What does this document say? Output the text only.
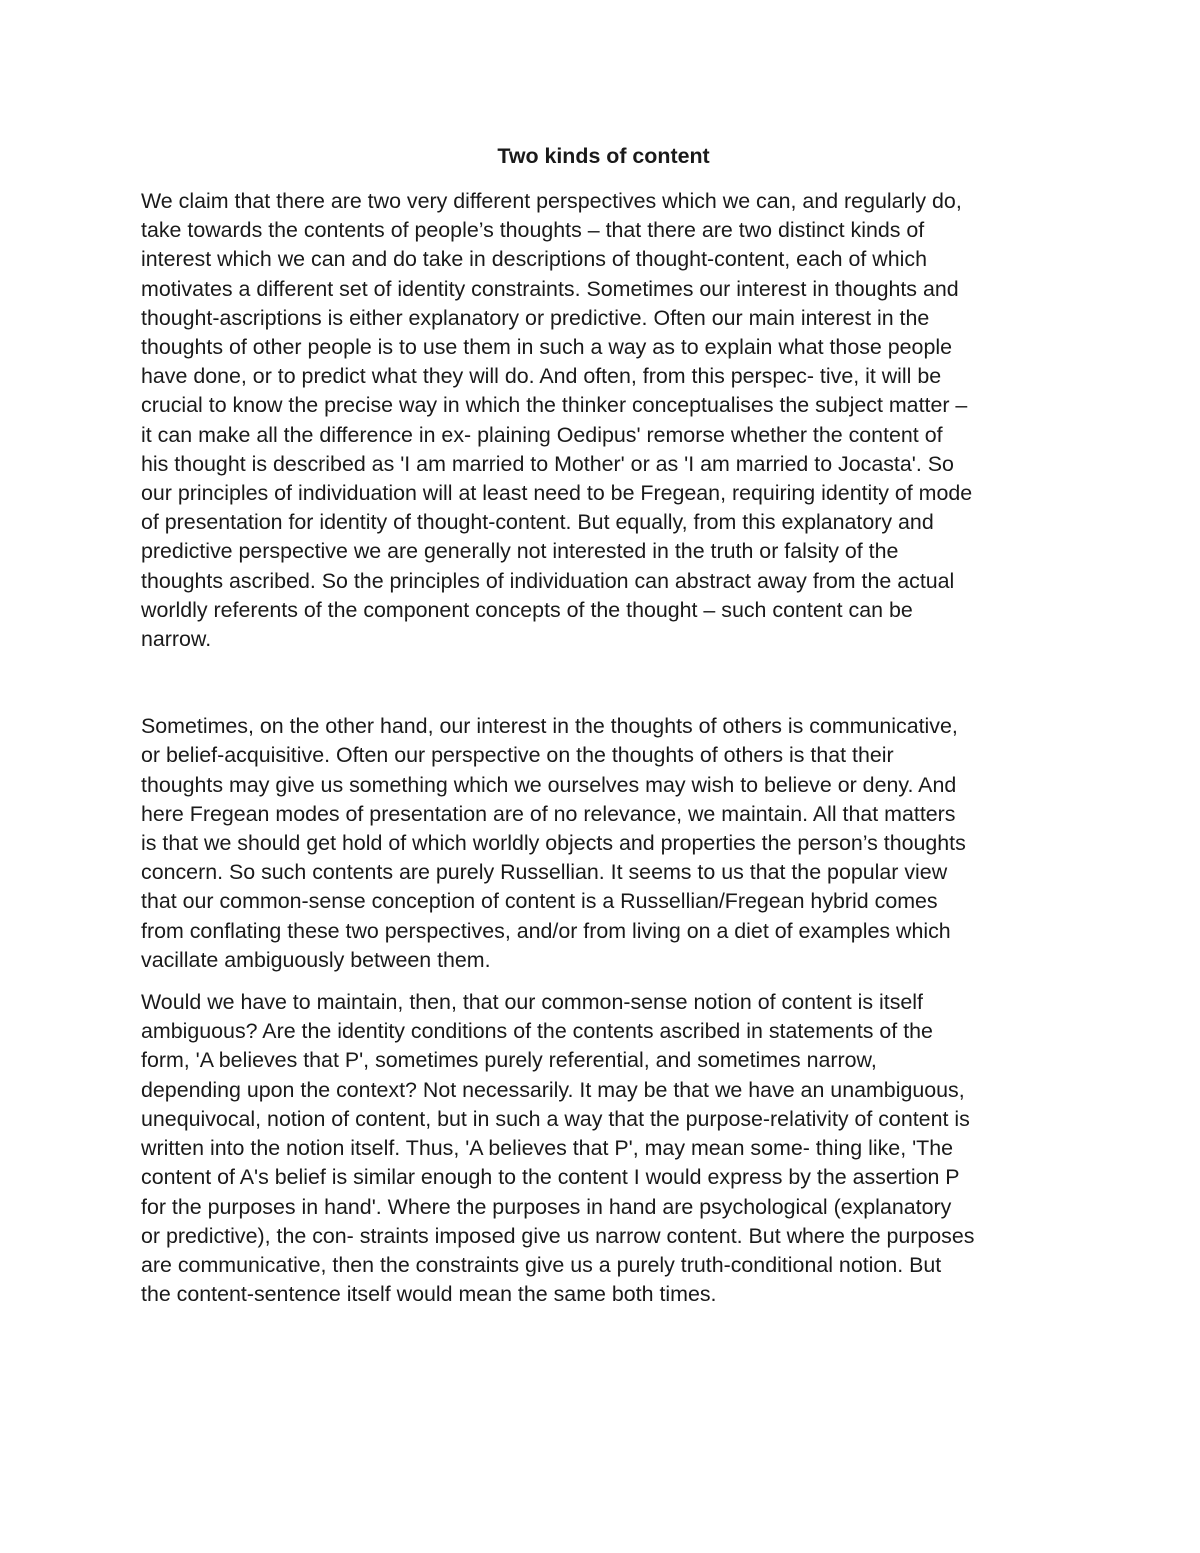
Two kinds of content

We claim that there are two very different perspectives which we can, and regularly do,
take towards the contents of people’s thoughts – that there are two distinct kinds of
interest which we can and do take in descriptions of thought-content, each of which
motivates a different set of identity constraints. Sometimes our interest in thoughts and
thought-ascriptions is either explanatory or predictive. Often our main interest in the
thoughts of other people is to use them in such a way as to explain what those people
have done, or to predict what they will do. And often, from this perspec- tive, it will be
crucial to know the precise way in which the thinker conceptualises the subject matter –
it can make all the difference in ex- plaining Oedipus' remorse whether the content of
his thought is described as 'I am married to Mother' or as 'I am married to Jocasta'. So
our principles of individuation will at least need to be Fregean, requiring identity of mode
of presentation for identity of thought-content. But equally, from this explanatory and
predictive perspective we are generally not interested in the truth or falsity of the
thoughts ascribed. So the principles of individuation can abstract away from the actual
worldly referents of the component concepts of the thought – such content can be
narrow.

Sometimes, on the other hand, our interest in the thoughts of others is communicative,
or belief-acquisitive. Often our perspective on the thoughts of others is that their
thoughts may give us something which we ourselves may wish to believe or deny. And
here Fregean modes of presentation are of no relevance, we maintain. All that matters
is that we should get hold of which worldly objects and properties the person’s thoughts
concern. So such contents are purely Russellian. It seems to us that the popular view
that our common-sense conception of content is a Russellian/Fregean hybrid comes
from conflating these two perspectives, and/or from living on a diet of examples which
vacillate ambiguously between them.

Would we have to maintain, then, that our common-sense notion of content is itself
ambiguous? Are the identity conditions of the contents ascribed in statements of the
form, 'A believes that P', sometimes purely referential, and sometimes narrow,
depending upon the context? Not necessarily. It may be that we have an unambiguous,
unequivocal, notion of content, but in such a way that the purpose-relativity of content is
written into the notion itself. Thus, 'A believes that P', may mean some- thing like, 'The
content of A's belief is similar enough to the content I would express by the assertion P
for the purposes in hand'. Where the purposes in hand are psychological (explanatory
or predictive), the con- straints imposed give us narrow content. But where the purposes
are communicative, then the constraints give us a purely truth-conditional notion. But
the content-sentence itself would mean the same both times.
